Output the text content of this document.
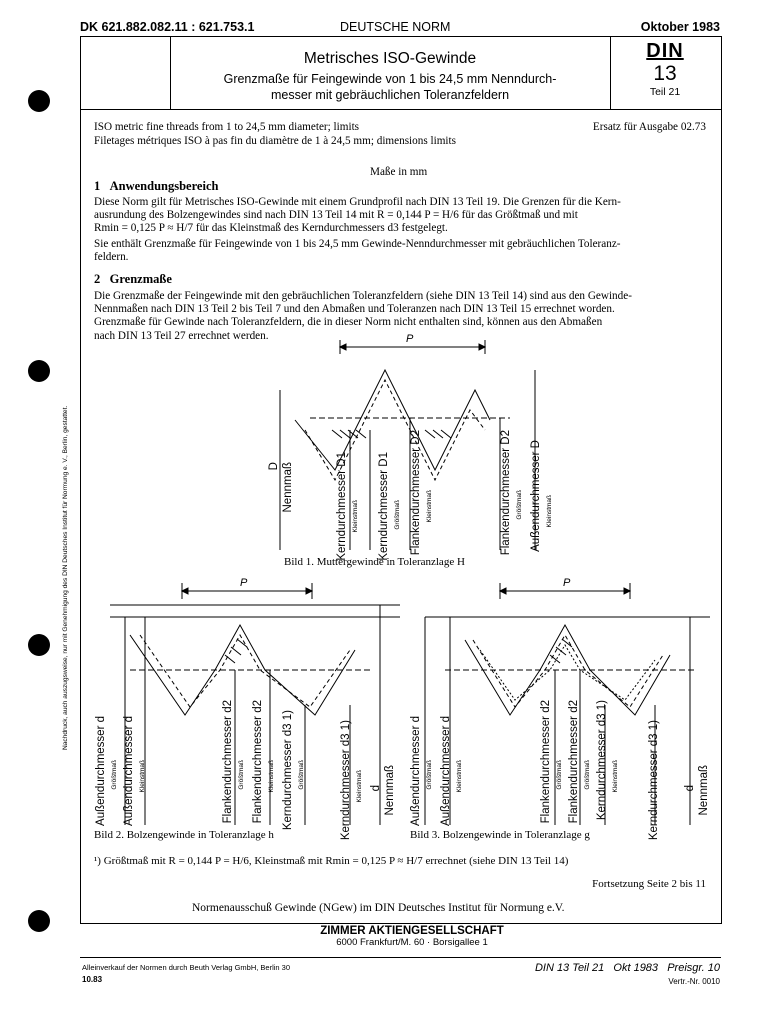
Nachdruck, auch auszugsweise, nur mit Genehmigung des DIN Deutsches Institut für Normung e. V., Berlin, gestattet.
DK 621.882.082.11 : 621.753.1	DEUTSCHE NORM	Oktober 1983
Metrisches ISO-Gewinde
Grenzmaße für Feingewinde von 1 bis 24,5 mm Nenndurch-
messer mit gebräuchlichen Toleranzfeldern
DIN
13
Teil 21
ISO metric fine threads from 1 to 24,5 mm diameter; limits
Filetages métriques ISO à pas fin du diamètre de 1 à 24,5 mm; dimensions limits
Ersatz für Ausgabe 02.73
Maße in mm
1 Anwendungsbereich
Diese Norm gilt für Metrisches ISO-Gewinde mit einem Grundprofil nach DIN 13 Teil 19. Die Grenzen für die Kern-
ausrundung des Bolzengewindes sind nach DIN 13 Teil 14 mit R = 0,144 P = H/6 für das Größtmaß und mit
Rmin = 0,125 P ≈ H/7 für das Kleinstmaß des Kerndurchmessers d3 festgelegt.
Sie enthält Grenzmaße für Feingewinde von 1 bis 24,5 mm Gewinde-Nenndurchmesser mit gebräuchlichen Toleranz-
feldern.
2 Grenzmaße
Die Grenzmaße der Feingewinde mit den gebräuchlichen Toleranzfeldern (siehe DIN 13 Teil 14) sind aus den Gewinde-
Nennmaßen nach DIN 13 Teil 2 bis Teil 7 und den Abmaßen und Toleranzen nach DIN 13 Teil 15 errechnet worden.
Grenzmaße für Gewinde nach Toleranzfeldern, die in dieser Norm nicht enthalten sind, können aus den Abmaßen
nach DIN 13 Teil 27 errechnet werden.	P
D Nennmaß	Kerndurchmesser D1 Kleinstmaß Kerndurchmesser D1 Größtmaß Flankendurchmesser D2 Kleinstmaß	Flankendurchmesser D2 Größtmaß Außendurchmesser D Kleinstmaß
Bild 1. Muttergewinde in Toleranzlage H
P
Außendurchmesser d Größtmaß Außendurchmesser d Kleinstmaß	Flankendurchmesser d2 Größtmaß Flankendurchmesser d2 Kleinstmaß Kerndurchmesser d3 1) Größtmaß	Kerndurchmesser d3 1) Kleinstmaß d Nennmaß
Bild 2. Bolzengewinde in Toleranzlage h
P
Außendurchmesser d Größtmaß Außendurchmesser d Kleinstmaß	Flankendurchmesser d2 Größtmaß Flankendurchmesser d2 Größtmaß Kerndurchmesser d3 1) Kleinstmaß	Kerndurchmesser d3 1) d Nennmaß
Bild 3. Bolzengewinde in Toleranzlage g
¹) Größtmaß mit R = 0,144 P = H/6, Kleinstmaß mit Rmin = 0,125 P ≈ H/7 errechnet (siehe DIN 13 Teil 14)
Fortsetzung Seite 2 bis 11
Normenausschuß Gewinde (NGew) im DIN Deutsches Institut für Normung e.V.
ZIMMER AKTIENGESELLSCHAFT
6000 Frankfurt/M. 60 · Borsigallee 1
Alleinverkauf der Normen durch Beuth Verlag GmbH, Berlin 30
10.83
DIN 13 Teil 21   Okt 1983   Preisgr. 10
Vertr.-Nr. 0010
